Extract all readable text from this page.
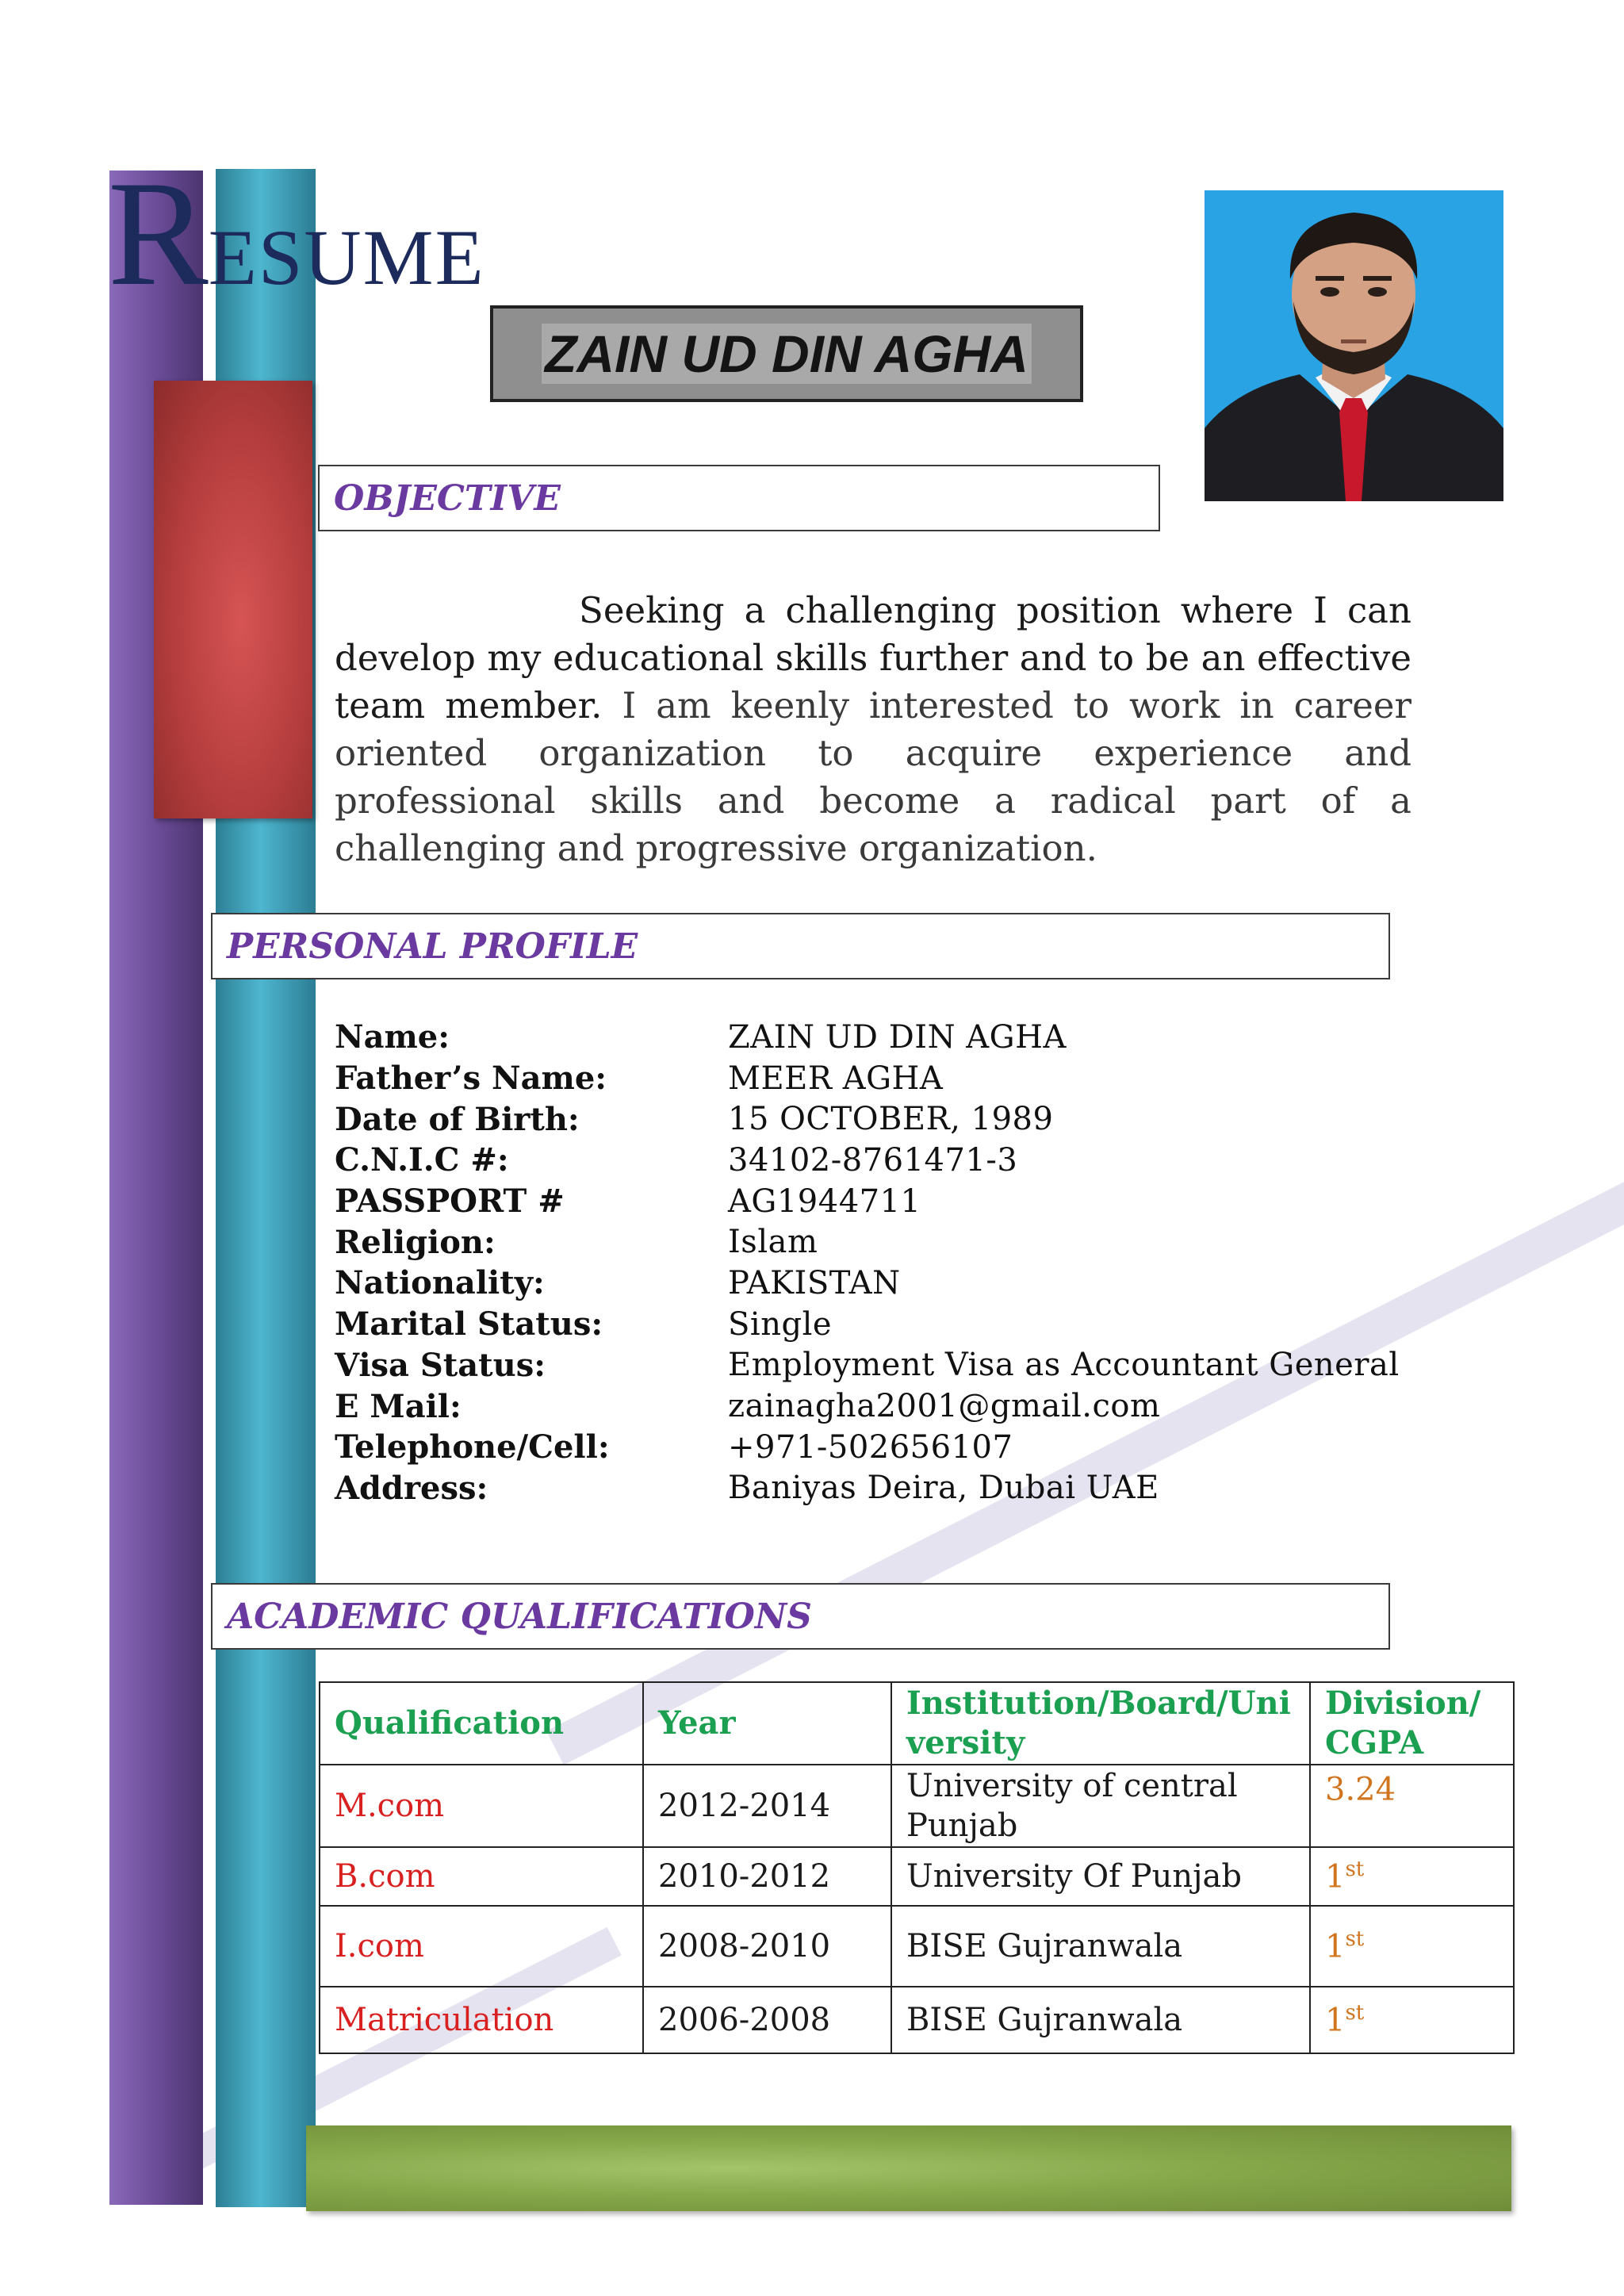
RESUME
ZAIN UD DIN AGHA
OBJECTIVE
Seeking a challenging position where I can develop my educational skills further and to be an effective team member. I am keenly interested to work in career oriented organization to acquire experience and professional skills and become a radical part of a challenging and progressive organization.
PERSONAL PROFILE
Name:	ZAIN UD DIN AGHA
Father’s Name:	MEER AGHA
Date of Birth:	15 OCTOBER, 1989
C.N.I.C #:	34102-8761471-3
PASSPORT #	AG1944711
Religion:	Islam
Nationality:	PAKISTAN
Marital Status:	Single
Visa Status:	Employment Visa as Accountant General
E Mail:	zainagha2001@gmail.com
Telephone/Cell:	+971-502656107
Address:	Baniyas Deira, Dubai UAE
ACADEMIC QUALIFICATIONS
Qualification	Year	Institution/Board/University	Division/CGPA
M.com	2012-2014	University of central Punjab	3.24
B.com	2010-2012	University Of Punjab	1st
I.com	2008-2010	BISE Gujranwala	1st
Matriculation	2006-2008	BISE Gujranwala	1st
